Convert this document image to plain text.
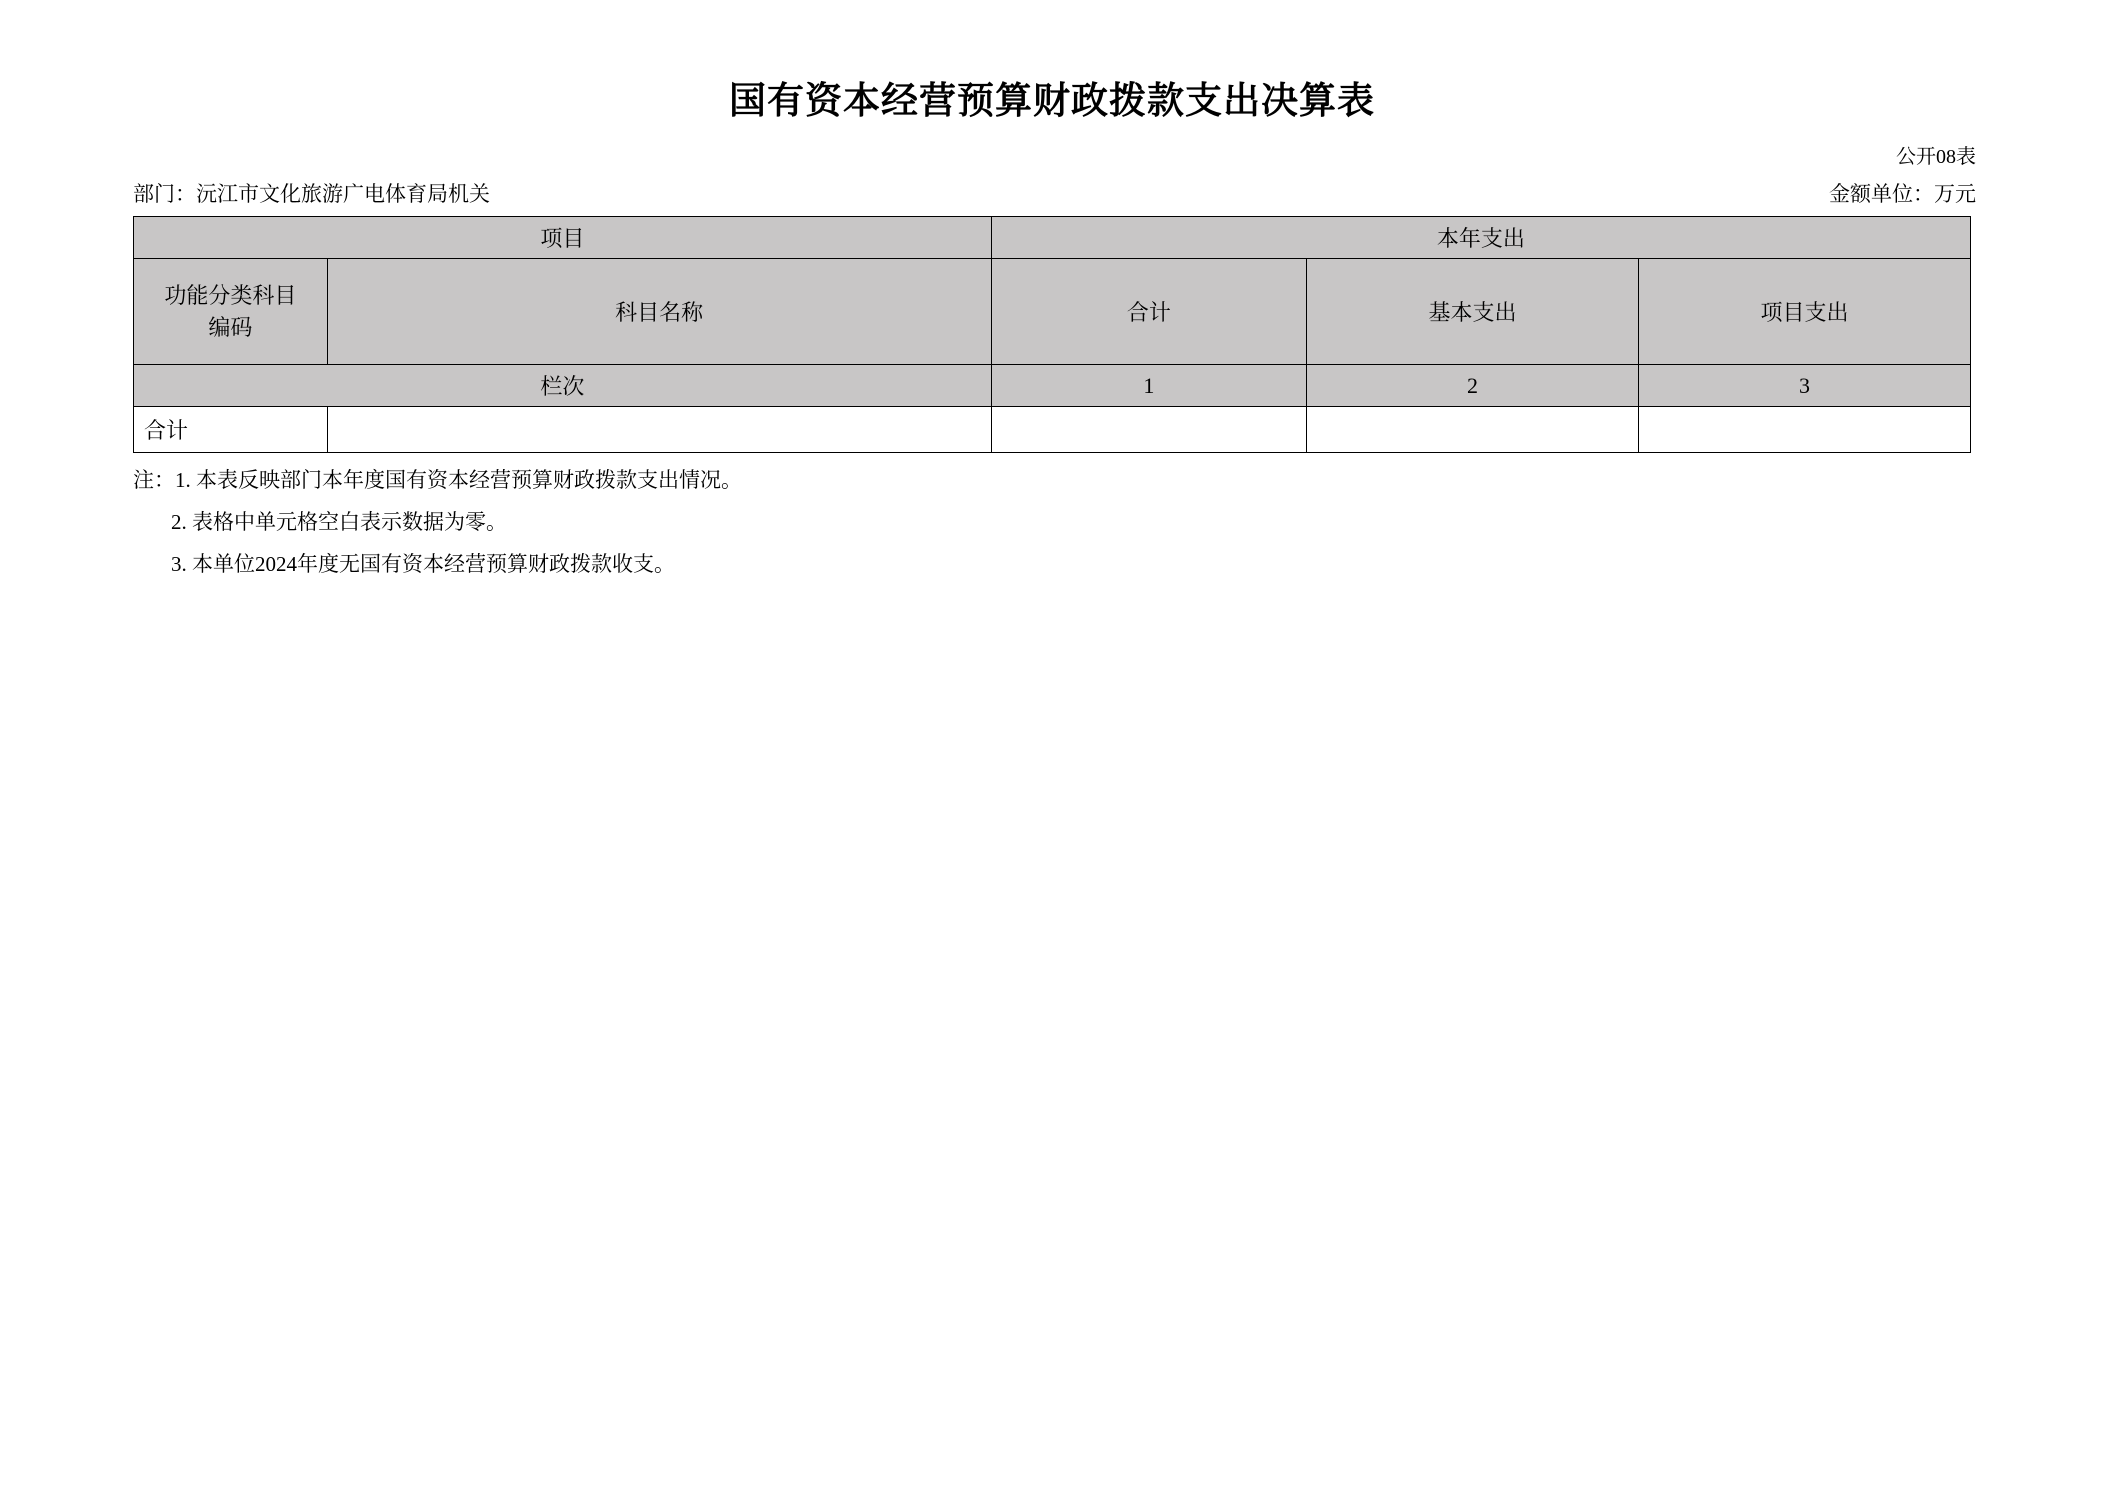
国有资本经营预算财政拨款支出决算表
公开08表
部门：沅江市文化旅游广电体育局机关	金额单位：万元
项目		本年支出		

功能分类科目
编码	科目名称	合计	基本支出	项目支出
栏次		1	2	3
合计				
注：1. 本表反映部门本年度国有资本经营预算财政拨款支出情况。
2. 表格中单元格空白表示数据为零。
3. 本单位2024年度无国有资本经营预算财政拨款收支。
